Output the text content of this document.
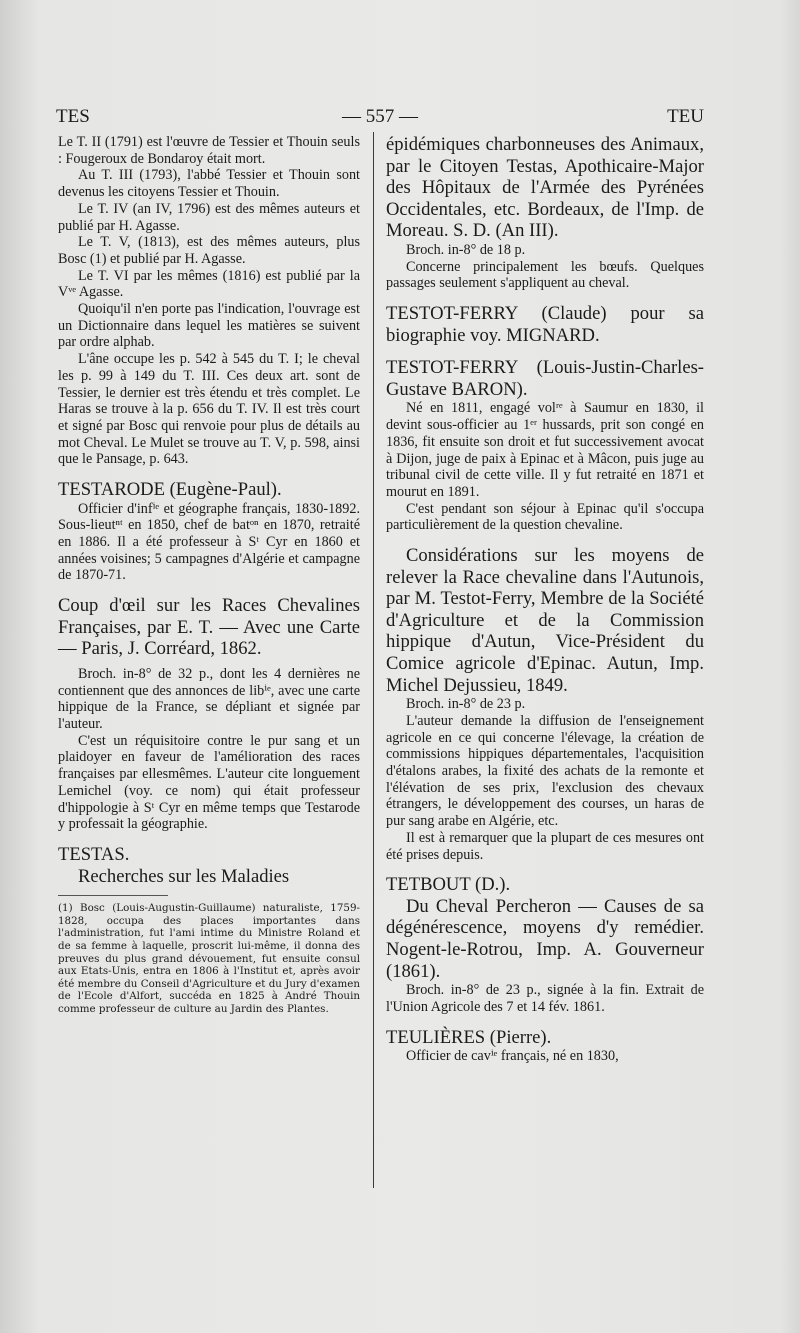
TES	— 557 —	TEU

Le T. II (1791) est l'œuvre de Tessier et Thouin seuls : Fougeroux de Bondaroy était mort.

Au T. III (1793), l'abbé Tessier et Thouin sont devenus les citoyens Tessier et Thouin.

Le T. IV (an IV, 1796) est des mêmes auteurs et publié par H. Agasse.

Le T. V, (1813), est des mêmes auteurs, plus Bosc (1) et publié par H. Agasse.

Le T. VI par les mêmes (1816) est publié par la Vᵛᵉ Agasse.

Quoiqu'il n'en porte pas l'indication, l'ouvrage est un Dictionnaire dans lequel les matières se suivent par ordre alphab.

L'âne occupe les p. 542 à 545 du T. I; le cheval les p. 99 à 149 du T. III. Ces deux art. sont de Tessier, le dernier est très étendu et très complet. Le Haras se trouve à la p. 656 du T. IV. Il est très court et signé par Bosc qui renvoie pour plus de détails au mot Cheval. Le Mulet se trouve au T. V, p. 598, ainsi que le Pansage, p. 643.

TESTARODE (Eugène-Paul).

Officier d'infⁱᵉ et géographe français, 1830-1892. Sous-lieutⁿᵗ en 1850, chef de batᵒⁿ en 1870, retraité en 1886. Il a été professeur à Sᵗ Cyr en 1860 et années voisines; 5 campagnes d'Algérie et campagne de 1870-71.

Coup d'œil sur les Races Chevalines Françaises, par E. T. — Avec une Carte — Paris, J. Corréard, 1862.

Broch. in-8° de 32 p., dont les 4 dernières ne contiennent que des annonces de libⁱᵉ, avec une carte hippique de la France, se dépliant et signée par l'auteur.

C'est un réquisitoire contre le pur sang et un plaidoyer en faveur de l'amélioration des races françaises par ellesmêmes. L'auteur cite longuement Lemichel (voy. ce nom) qui était professeur d'hippologie à Sᵗ Cyr en même temps que Testarode y professait la géographie.

TESTAS.

Recherches sur les Maladies

(1) Bosc (Louis-Augustin-Guillaume) naturaliste, 1759-1828, occupa des places importantes dans l'administration, fut l'ami intime du Ministre Roland et de sa femme à laquelle, proscrit lui-même, il donna des preuves du plus grand dévouement, fut ensuite consul aux Etats-Unis, entra en 1806 à l'Institut et, après avoir été membre du Conseil d'Agriculture et du Jury d'examen de l'Ecole d'Alfort, succéda en 1825 à André Thouin comme professeur de culture au Jardin des Plantes.

épidémiques charbonneuses des Animaux, par le Citoyen Testas, Apothicaire-Major des Hôpitaux de l'Armée des Pyrénées Occidentales, etc. Bordeaux, de l'Imp. de Moreau. S. D. (An III).

Broch. in-8° de 18 p.

Concerne principalement les bœufs. Quelques passages seulement s'appliquent au cheval.

TESTOT-FERRY (Claude) pour sa biographie voy. MIGNARD.

TESTOT-FERRY (Louis-Justin-Charles-Gustave BARON).

Né en 1811, engagé volʳᵉ à Saumur en 1830, il devint sous-officier au 1ᵉʳ hussards, prit son congé en 1836, fit ensuite son droit et fut successivement avocat à Dijon, juge de paix à Epinac et à Mâcon, puis juge au tribunal civil de cette ville. Il y fut retraité en 1871 et mourut en 1891.

C'est pendant son séjour à Epinac qu'il s'occupa particulièrement de la question chevaline.

Considérations sur les moyens de relever la Race chevaline dans l'Autunois, par M. Testot-Ferry, Membre de la Société d'Agriculture et de la Commission hippique d'Autun, Vice-Président du Comice agricole d'Epinac. Autun, Imp. Michel Dejussieu, 1849.

Broch. in-8° de 23 p.

L'auteur demande la diffusion de l'enseignement agricole en ce qui concerne l'élevage, la création de commissions hippiques départementales, l'acquisition d'étalons arabes, la fixité des achats de la remonte et l'élévation de ses prix, l'exclusion des chevaux étrangers, le développement des courses, un haras de pur sang arabe en Algérie, etc.

Il est à remarquer que la plupart de ces mesures ont été prises depuis.

TETBOUT (D.).

Du Cheval Percheron — Causes de sa dégénérescence, moyens d'y remédier. Nogent-le-Rotrou, Imp. A. Gouverneur (1861).

Broch. in-8° de 23 p., signée à la fin. Extrait de l'Union Agricole des 7 et 14 fév. 1861.

TEULIÈRES (Pierre).

Officier de cavⁱᵉ français, né en 1830,
